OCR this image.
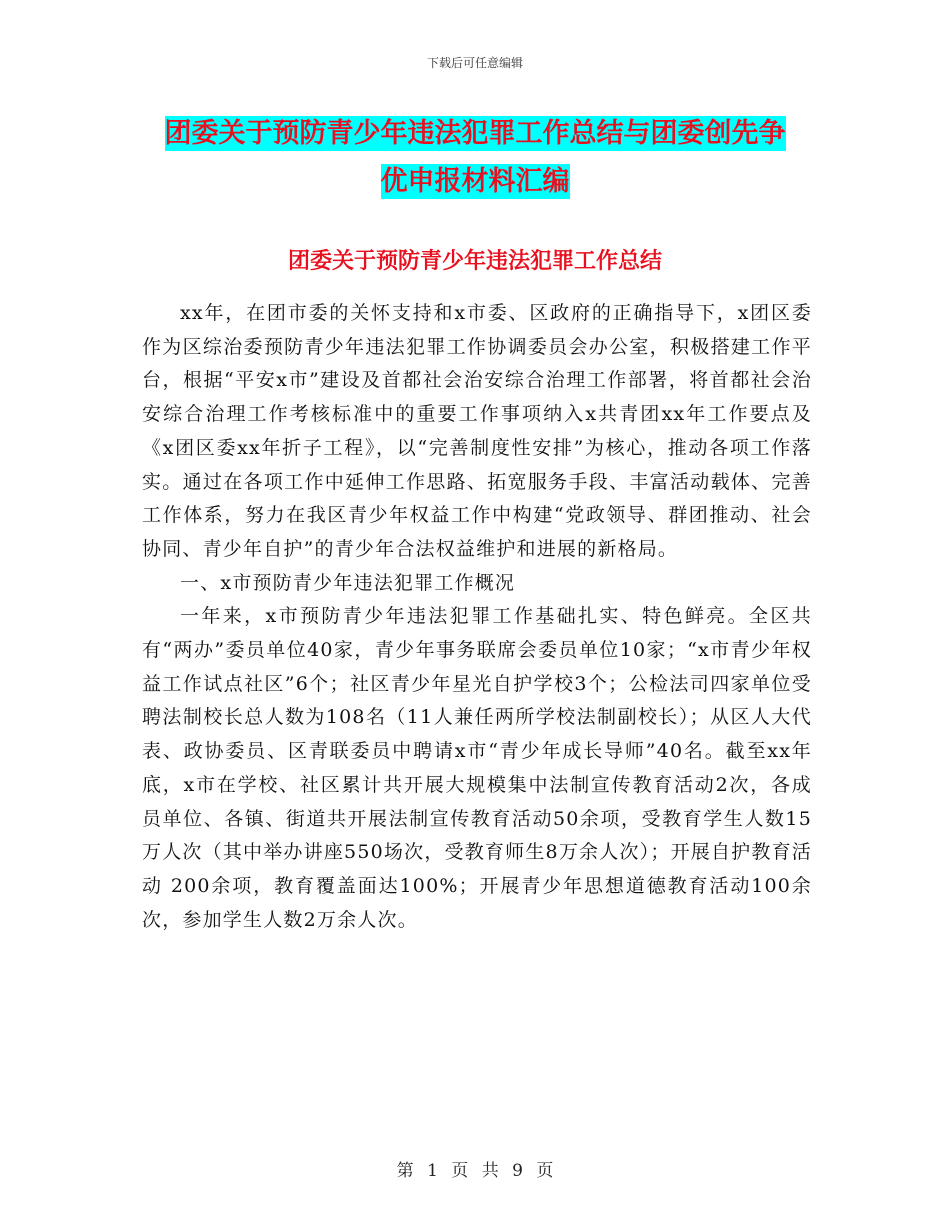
下载后可任意编辑
团委关于预防青少年违法犯罪工作总结与团委创先争
优申报材料汇编
团委关于预防青少年违法犯罪工作总结

xx年，在团市委的关怀支持和x市委、区政府的正确指导下，x团区委作为区综治委预防青少年违法犯罪工作协调委员会办公室，积极搭建工作平台，根据“平安x市”建设及首都社会治安综合治理工作部署，将首都社会治安综合治理工作考核标准中的重要工作事项纳入x共青团xx年工作要点及《x团区委xx年折子工程》，以“完善制度性安排”为核心，推动各项工作落实。通过在各项工作中延伸工作思路、拓宽服务手段、丰富活动载体、完善工作体系，努力在我区青少年权益工作中构建“党政领导、群团推动、社会协同、青少年自护”的青少年合法权益维护和进展的新格局。

一、x市预防青少年违法犯罪工作概况

一年来，x市预防青少年违法犯罪工作基础扎实、特色鲜亮。全区共有“两办”委员单位40家，青少年事务联席会委员单位10家；“x市青少年权益工作试点社区”6个；社区青少年星光自护学校3个；公检法司四家单位受聘法制校长总人数为108名（11人兼任两所学校法制副校长）；从区人大代表、政协委员、区青联委员中聘请x市“青少年成长导师”40名。截至xx年底，x市在学校、社区累计共开展大规模集中法制宣传教育活动2次，各成员单位、各镇、街道共开展法制宣传教育活动50余项，受教育学生人数15万人次（其中举办讲座550场次，受教育师生8万余人次）；开展自护教育活动 200余项，教育覆盖面达100%；开展青少年思想道德教育活动100余次，参加学生人数2万余人次。

第 1 页 共 9 页
